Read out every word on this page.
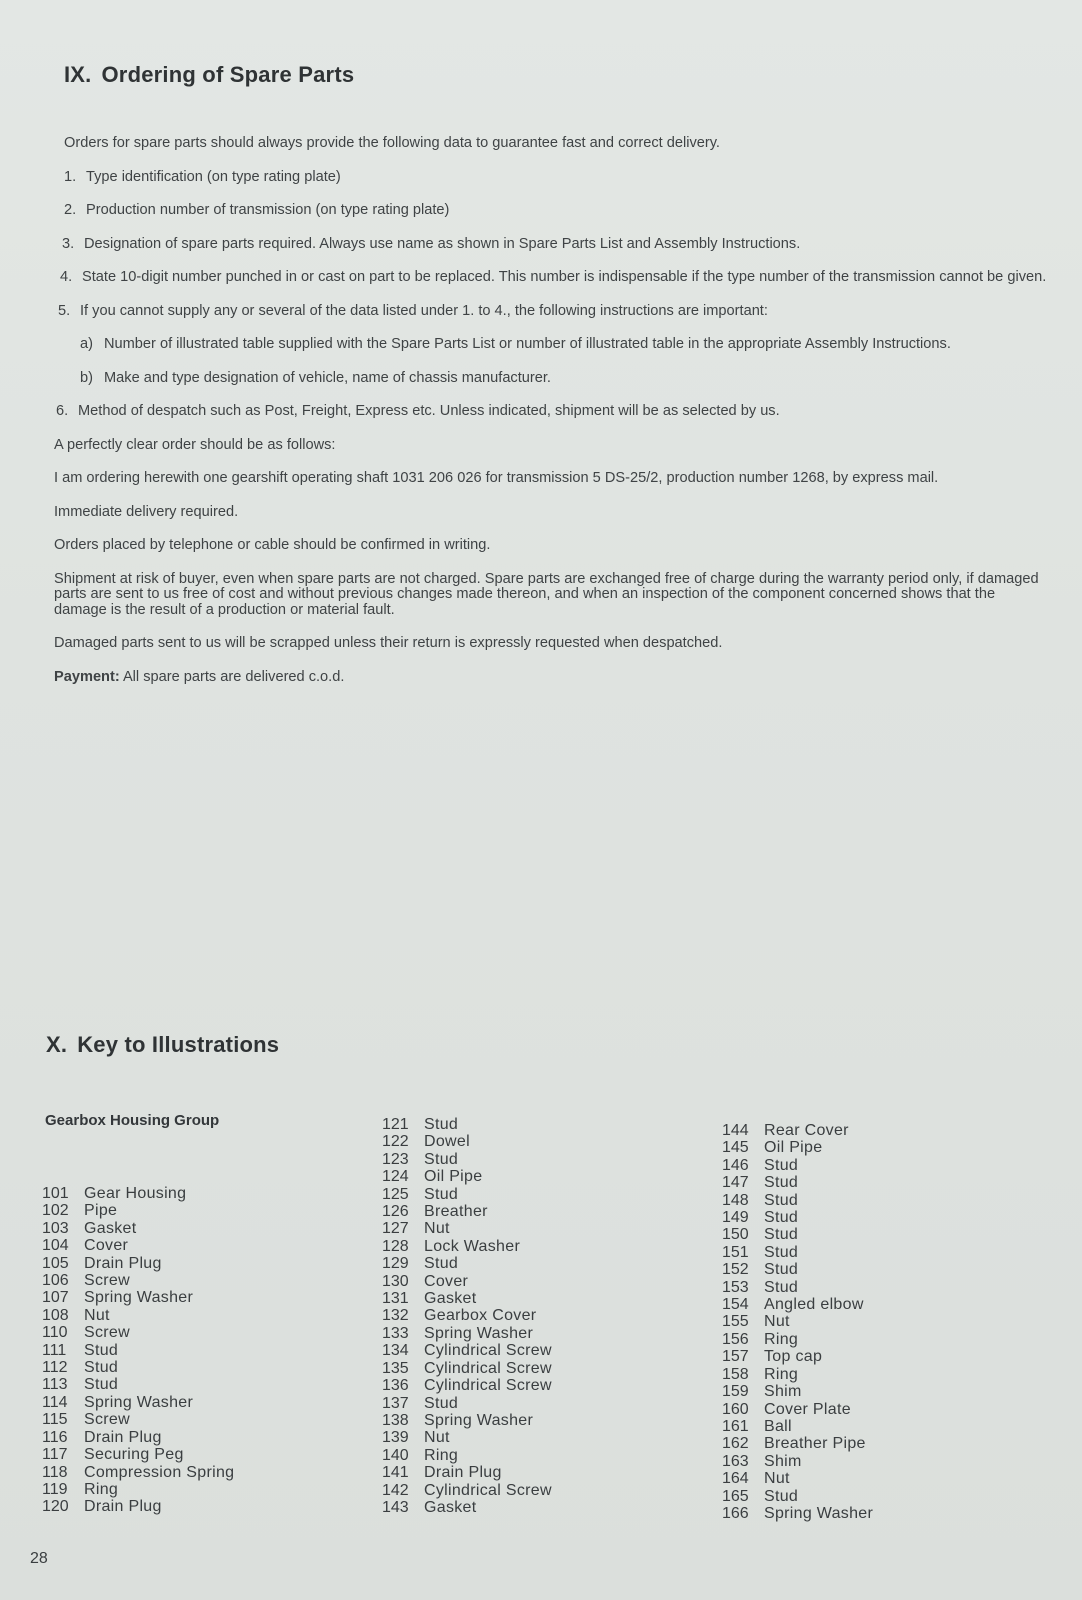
IX. Ordering of Spare Parts

Orders for spare parts should always provide the following data to guarantee fast and correct delivery.

1. Type identification (on type rating plate)
2. Production number of transmission (on type rating plate)
3. Designation of spare parts required. Always use name as shown in Spare Parts List and Assembly Instructions.
4. State 10-digit number punched in or cast on part to be replaced. This number is indispensable if the type number of the transmission cannot be given.
5. If you cannot supply any or several of the data listed under 1. to 4., the following instructions are important:
a) Number of illustrated table supplied with the Spare Parts List or number of illustrated table in the appropriate Assembly Instructions.
b) Make and type designation of vehicle, name of chassis manufacturer.
6. Method of despatch such as Post, Freight, Express etc. Unless indicated, shipment will be as selected by us.

A perfectly clear order should be as follows:

I am ordering herewith one gearshift operating shaft 1031 206 026 for transmission 5 DS-25/2, production number 1268, by express mail.

Immediate delivery required.

Orders placed by telephone or cable should be confirmed in writing.

Shipment at risk of buyer, even when spare parts are not charged. Spare parts are exchanged free of charge during the warranty period only, if damaged parts are sent to us free of cost and without previous changes made thereon, and when an inspection of the component concerned shows that the damage is the result of a production or material fault.

Damaged parts sent to us will be scrapped unless their return is expressly requested when despatched.

Payment: All spare parts are delivered c.o.d.

X. Key to Illustrations
Gearbox Housing Group
101 Gear Housing
102 Pipe
103 Gasket
104 Cover
105 Drain Plug
106 Screw
107 Spring Washer
108 Nut
110	Screw
111	Stud
112	Stud
113	Stud
114	Spring Washer
115	Screw
116	Drain Plug
117	Securing Peg
118	Compression Spring
119	Ring
120 Drain Plug
121 Stud
122 Dowel
123 Stud
124 Oil Pipe
125 Stud
126 Breather
127 Nut
128 Lock Washer
129 Stud
130 Cover
131 Gasket
132 Gearbox Cover
133 Spring Washer
134 Cylindrical Screw
135 Cylindrical Screw
136 Cylindrical Screw
137 Stud
138 Spring Washer
139 Nut
140 Ring
141 Drain Plug
142 Cylindrical Screw
143 Gasket
144 Rear Cover
145 Oil Pipe
146 Stud
147 Stud
148 Stud
149 Stud
150 Stud
151 Stud
152 Stud
153 Stud
154 Angled elbow
155 Nut
156 Ring
157 Top cap
158 Ring
159 Shim
160 Cover Plate
161 Ball
162 Breather Pipe
163 Shim
164 Nut
165 Stud
166 Spring Washer
28
